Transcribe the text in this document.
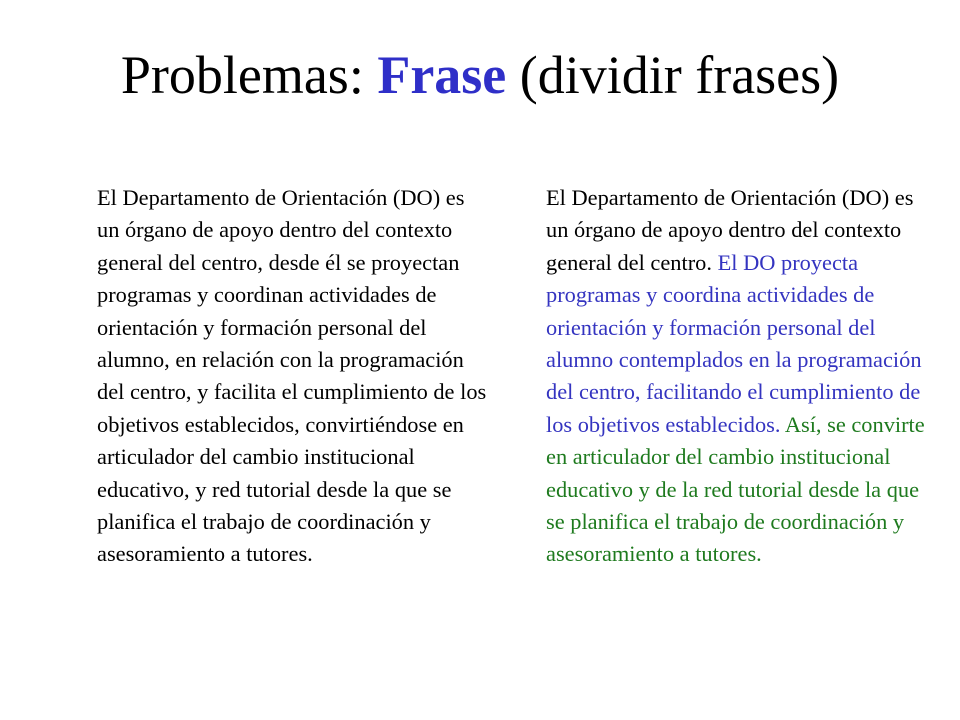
Problemas: Frase (dividir frases)
El Departamento de Orientación (DO) es un órgano de apoyo dentro del contexto general del centro, desde él se proyectan programas y coordinan actividades de orientación y formación personal del alumno, en relación con la programación del centro, y facilita el cumplimiento de los objetivos establecidos, convirtiéndose en articulador del cambio institucional educativo, y red tutorial desde la que se planifica el trabajo de coordinación y asesoramiento a tutores.
El Departamento de Orientación (DO) es un órgano de apoyo dentro del contexto general del centro. El DO proyecta programas y coordina actividades de orientación y formación personal del alumno contemplados en la programación del centro, facilitando el cumplimiento de los objetivos establecidos. Así, se convirte en articulador del cambio institucional educativo y de la red tutorial desde la que se planifica el trabajo de coordinación y asesoramiento a tutores.
